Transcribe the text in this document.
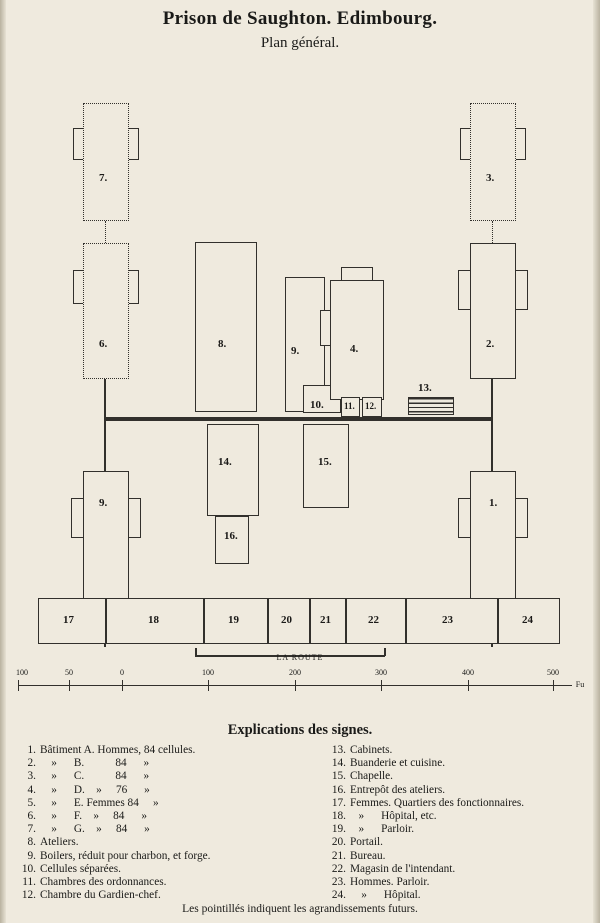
Prison de Saughton. Edimbourg.
Plan général.
7.
6.
9.
3.
2.
1.
8.
9.
10.
4.
11. 12.
13.
14.
16.
15.
17	18	19	20	21	22	23	24
LA ROUTE
100	50	0	100	200	300	400	500
Fu
Explications des signes.
1. Bâtiment A. Hommes, 84 cellules.
2. »      B.           84      »
3. »      C.           84      »
4. »      D.    »     76      »
5. »      E. Femmes 84     »
6. »      F.    »     84      »
7. »      G.    »     84      »
8. Ateliers.
9. Boilers, réduit pour charbon, et forge.
10. Cellules séparées.
11. Chambres des ordonnances.
12. Chambre du Gardien-chef.
13. Cabinets.
14. Buanderie et cuisine.
15. Chapelle.
16. Entrepôt des ateliers.
17. Femmes. Quartiers des fonctionnaires.
18. »      Hôpital, etc.
19. »      Parloir.
20. Portail.
21. Bureau.
22. Magasin de l'intendant.
23. Hommes. Parloir.
24. »      Hôpital.
Les pointillés indiquent les agrandissements futurs.
